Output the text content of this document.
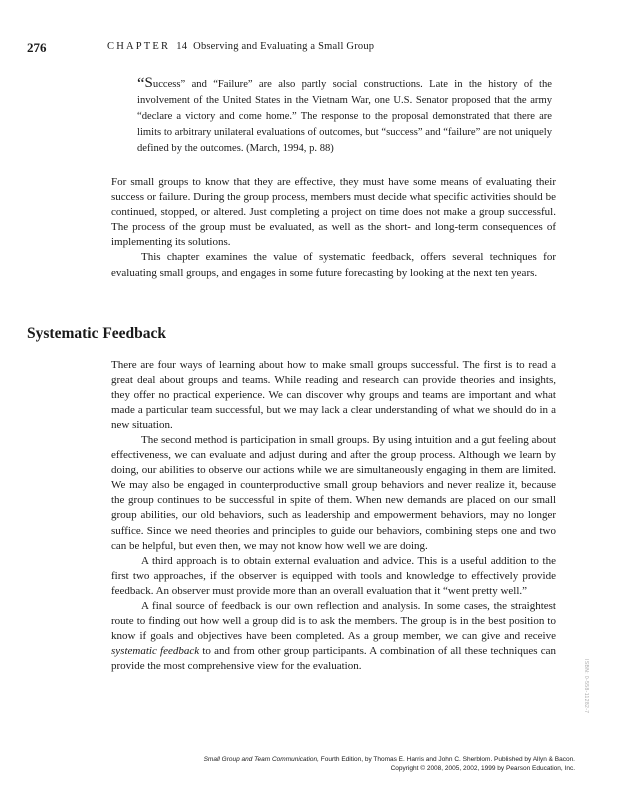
276	CHAPTER 14 Observing and Evaluating a Small Group
“Success” and “Failure” are also partly social constructions. Late in the history of the involvement of the United States in the Vietnam War, one U.S. Senator proposed that the army “declare a victory and come home.” The response to the proposal demonstrated that there are limits to arbitrary unilateral evaluations of outcomes, but “success” and “failure” are not uniquely defined by the outcomes. (March, 1994, p. 88)

For small groups to know that they are effective, they must have some means of evaluating their success or failure. During the group process, members must decide what specific activities should be continued, stopped, or altered. Just completing a project on time does not make a group successful. The process of the group must be evaluated, as well as the short- and long-term consequences of implementing its solutions.

This chapter examines the value of systematic feedback, offers several techniques for evaluating small groups, and engages in some future forecasting by looking at the next ten years.

Systematic Feedback

There are four ways of learning about how to make small groups successful. The first is to read a great deal about groups and teams. While reading and research can provide theories and insights, they offer no practical experience. We can discover why groups and teams are important and what made a particular team successful, but we may lack a clear understanding of what we should do in a new situation.

The second method is participation in small groups. By using intuition and a gut feeling about effectiveness, we can evaluate and adjust during and after the group process. Although we learn by doing, our abilities to observe our actions while we are simultaneously engaging in them are limited. We may also be engaged in counterproductive small group behaviors and never realize it, because the group continues to be successful in spite of them. When new demands are placed on our small group abilities, our old behaviors, such as leadership and empowerment behaviors, may no longer suffice. Since we need theories and principles to guide our behaviors, combining steps one and two can be helpful, but even then, we may not know how well we are doing.

A third approach is to obtain external evaluation and advice. This is a useful addition to the first two approaches, if the observer is equipped with tools and knowledge to effectively provide feedback. An observer must provide more than an overall evaluation that it “went pretty well.”

A final source of feedback is our own reflection and analysis. In some cases, the straightest route to finding out how well a group did is to ask the members. The group is in the best position to know if goals and objectives have been completed. As a group member, we can give and receive systematic feedback to and from other group participants. A combination of all these techniques can provide the most comprehensive view for the evaluation.	ISBN: 0-558-11282-7
Small Group and Team Communication, Fourth Edition, by Thomas E. Harris and John C. Sherblom. Published by Allyn & Bacon.
Copyright © 2008, 2005, 2002, 1999 by Pearson Education, Inc.
